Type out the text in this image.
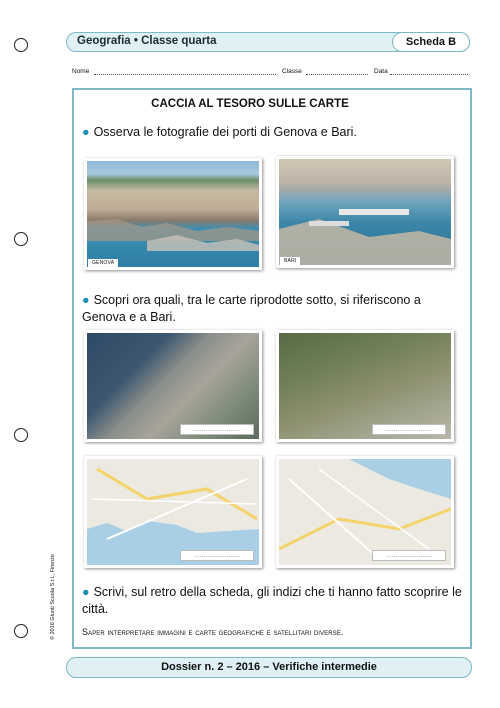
Geografia • Classe quarta	Scheda B
Nome	Classe	Data
CACCIA AL TESORO SULLE CARTE
● Osserva le fotografie dei porti di Genova e Bari.
GENOVA	BARI
● Scopri ora quali, tra le carte riprodotte sotto, si riferiscono a Genova e a Bari.
........................	........................
........................	........................
● Scrivi, sul retro della scheda, gli indizi che ti hanno fatto scoprire le città.
Saper interpretare immagini e carte geografiche e satellitari diverse.
© 2016 Giunti Scuola S.r.l., Firenze
Dossier n. 2 – 2016 – Verifiche intermedie
